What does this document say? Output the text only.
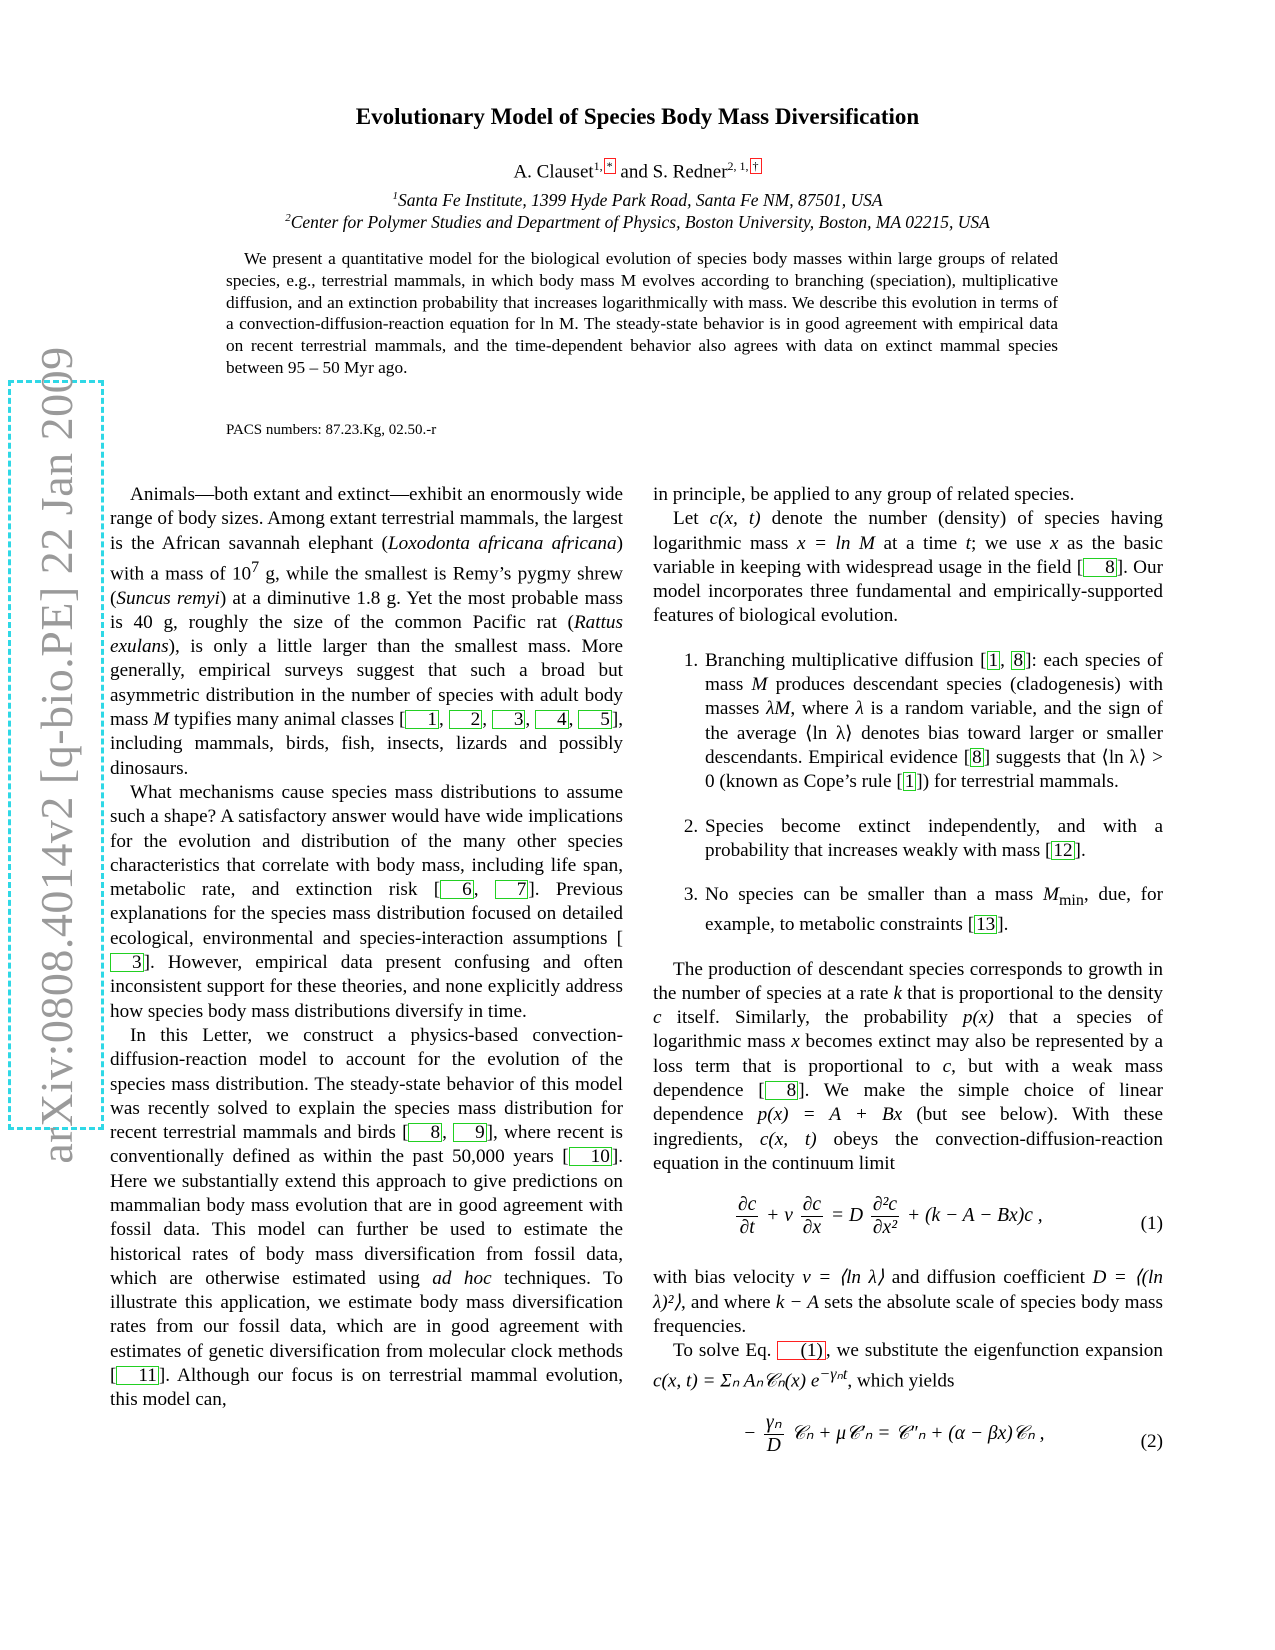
arXiv:0808.4014v2 [q-bio.PE] 22 Jan 2009
Evolutionary Model of Species Body Mass Diversification
A. Clauset$^{1, *}$ and S. Redner$^{2, 1, \dagger}$
$^1$Santa Fe Institute, 1399 Hyde Park Road, Santa Fe NM, 87501, USA
$^2$Center for Polymer Studies and Department of Physics, Boston University, Boston, MA 02215, USA

We present a quantitative model for the biological evolution of species body masses within large groups of related species, e.g., terrestrial mammals, in which body mass M evolves according to branching (speciation), multiplicative diffusion, and an extinction probability that increases logarithmically with mass. We describe this evolution in terms of a convection-diffusion-reaction equation for ln M. The steady-state behavior is in good agreement with empirical data on recent terrestrial mammals, and the time-dependent behavior also agrees with data on extinct mammal species between 95 – 50 Myr ago.

PACS numbers: 87.23.Kg, 02.50.-r

Animals—both extant and extinct—exhibit an enormously wide range of body sizes. Among extant terrestrial mammals, the largest is the African savannah elephant (Loxodonta africana africana) with a mass of $10^7$ g, while the smallest is Remy’s pygmy shrew (Suncus remyi) at a diminutive 1.8 g. Yet the most probable mass is 40 g, roughly the size of the common Pacific rat (Rattus exulans), is only a little larger than the smallest mass. More generally, empirical surveys suggest that such a broad but asymmetric distribution in the number of species with adult body mass M typifies many animal classes [ 1 , 2 , 3 , 4 , 5 ], including mammals, birds, fish, insects, lizards and possibly dinosaurs.

What mechanisms cause species mass distributions to assume such a shape? A satisfactory answer would have wide implications for the evolution and distribution of the many other species characteristics that correlate with body mass, including life span, metabolic rate, and extinction risk [ 6 , 7 ]. Previous explanations for the species mass distribution focused on detailed ecological, environmental and species-interaction assumptions [3 ]. However, empirical data present confusing and often inconsistent support for these theories, and none explicitly address how species body mass distributions diversify in time.

In this Letter, we construct a physics-based convection-diffusion-reaction model to account for the evolution of the species mass distribution. The steady-state behavior of this model was recently solved to explain the species mass distribution for recent terrestrial mammals and birds [ 8 , 9 ], where recent is conventionally defined as within the past 50,000 years [ 10 ]. Here we substantially extend this approach to give predictions on mammalian body mass evolution that are in good agreement with fossil data. This model can further be used to estimate the historical rates of body mass diversification from fossil data, which are otherwise estimated using ad hoc techniques. To illustrate this application, we estimate body mass diversification rates from our fossil data, which are in good agreement with estimates of genetic diversification from molecular clock methods [ 11 ]. Although our focus is on terrestrial mammal evolution, this model can,

in principle, be applied to any group of related species.

Let c(x, t) denote the number (density) of species having logarithmic mass x = ln M at a time t; we use x as the basic variable in keeping with widespread usage in the field [ 8 ]. Our model incorporates three fundamental and empirically-supported features of biological evolution.

1. Branching multiplicative diffusion [ 1 , 8 ]: each species of mass M produces descendant species (cladogenesis) with masses λM, where λ is a random variable, and the sign of the average ⟨ln λ⟩ denotes bias toward larger or smaller descendants. Empirical evidence [ 8 ] suggests that ⟨ln λ⟩ > 0 (known as Cope’s rule [ 1 ]) for terrestrial mammals.
2. Species become extinct independently, and with a probability that increases weakly with mass [ 12 ].
3. No species can be smaller than a mass $M_{min}$, due, for example, to metabolic constraints [ 13 ].

The production of descendant species corresponds to growth in the number of species at a rate k that is proportional to the density c itself. Similarly, the probability p(x) that a species of logarithmic mass x becomes extinct may also be represented by a loss term that is proportional to c, but with a weak mass dependence [ 8 ]. We make the simple choice of linear dependence p(x) = A + Bx (but see below). With these ingredients, c(x, t) obeys the convection-diffusion-reaction equation in the continuum limit

$\frac{\partial c}{\partial t} + v \frac{\partial c}{\partial x} = D \frac{\text{∂²c}}{\text{∂x²}} + (k - A - Bx)c$ ,	(1)

with bias velocity v = ⟨ln λ⟩ and diffusion coefficient D = ⟨(ln λ)²⟩, and where k − A sets the absolute scale of species body mass frequencies.

To solve Eq. (1) , we substitute the eigenfunction expansion c(x, t) = Σₙ Aₙ𝒞ₙ(x) $e^{-\gamma_nt}$, which yields

− $\frac{\text{γₙ}}{D}$ 𝒞ₙ + μ𝒞′ₙ = 𝒞″ₙ + (α − βx)𝒞ₙ ,	(2)
